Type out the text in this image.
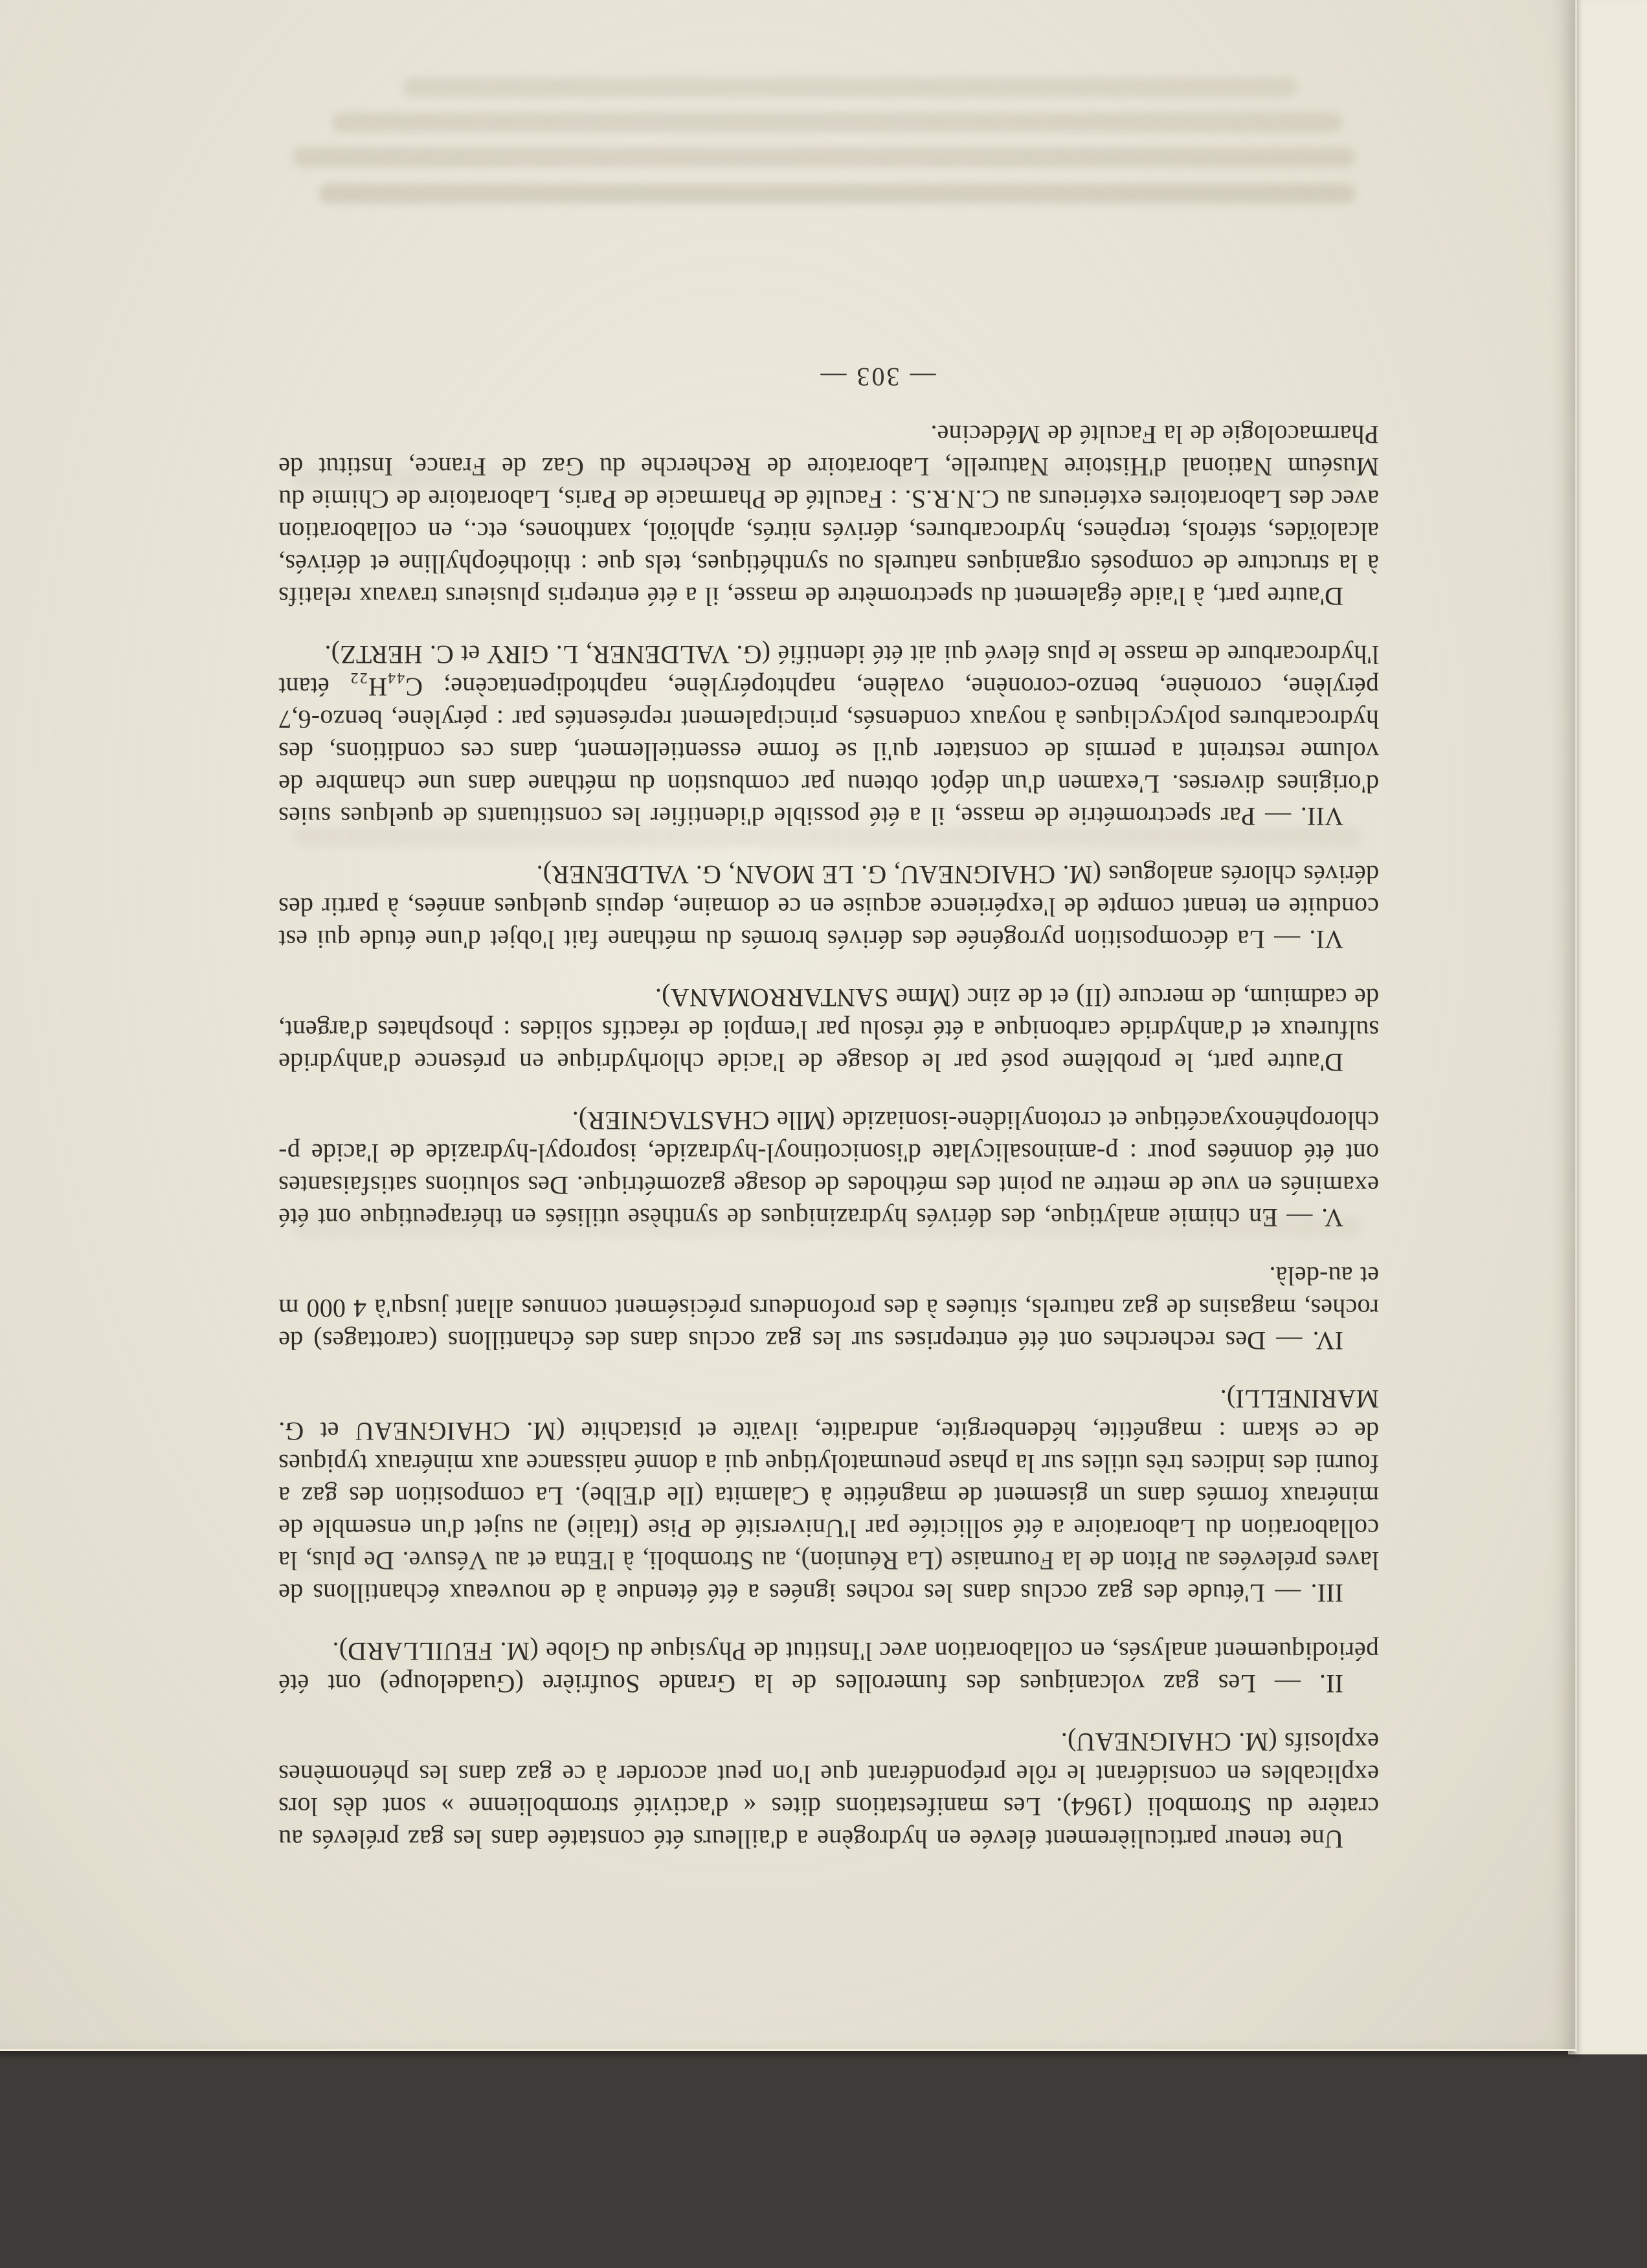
Une teneur particulièrement élevée en hydrogène a d'ailleurs été constatée dans les gaz prélevés au cratère du Stromboli (1964). Les manifestations dites « d'activité strombolienne » sont dès lors explicables en considérant le rôle prépondérant que l'on peut accorder à ce gaz dans les phénomènes explosifs (M. CHAIGNEAU).

II. — Les gaz volcaniques des fumerolles de la Grande Soufrière (Guadeloupe) ont été périodiquement analysés, en collaboration avec l'Institut de Physique du Globe (M. FEUILLARD).

III. — L'étude des gaz occlus dans les roches ignées a été étendue à de nouveaux échantillons de laves prélevées au Piton de la Fournaise (La Réunion), au Stromboli, à l'Etna et au Vésuve. De plus, la collaboration du Laboratoire a été sollicitée par l'Université de Pise (Italie) au sujet d'un ensemble de minéraux formés dans un gisement de magnétite à Calamita (Ile d'Elbe). La composition des gaz a fourni des indices très utiles sur la phase pneumatolytique qui a donné naissance aux minéraux typiques de ce skarn : magnétite, hédenbergite, andradite, ilvaïte et pistachite (M. CHAIGNEAU et G. MARINELLI).

IV. — Des recherches ont été entreprises sur les gaz occlus dans des échantillons (carottages) de roches, magasins de gaz naturels, situées à des profondeurs précisément connues allant jusqu'à 4 000 m et au-delà.

V. — En chimie analytique, des dérivés hydraziniques de synthèse utilisés en thérapeutique ont été examinés en vue de mettre au point des méthodes de dosage gazométrique. Des solutions satisfaisantes ont été données pour : p-aminosalicylate d'isonicotinoyl-hydrazide, isopropyl-hydrazide de l'acide p-chlorophénoxyacétique et crotonylidène-isoniazide (Mlle CHASTAGNIER).

D'autre part, le problème posé par le dosage de l'acide chlorhydrique en présence d'anhydride sulfureux et d'anhydride carbonique a été résolu par l'emploi de réactifs solides : phosphates d'argent, de cadmium, de mercure (II) et de zinc (Mme SANTARROMANA).

VI. — La décomposition pyrogénée des dérivés bromés du méthane fait l'objet d'une étude qui est conduite en tenant compte de l'expérience acquise en ce domaine, depuis quelques années, à partir des dérivés chlorés analogues (M. CHAIGNEAU, G. LE MOAN, G. VALDENER).

VII. — Par spectrométrie de masse, il a été possible d'identifier les constituants de quelques suies d'origines diverses. L'examen d'un dépôt obtenu par combustion du méthane dans une chambre de volume restreint a permis de constater qu'il se forme essentiellement, dans ces conditions, des hydrocarbures polycycliques à noyaux condensés, principalement représentés par : pérylène, benzo-6,7 pérylène, coronène, benzo-coronène, ovalène, naphtopérylène, naphtodipentacène; C₄₄H₂₂ étant l'hydrocarbure de masse le plus élevé qui ait été identifié (G. VALDENER, L. GIRY et C. HERTZ).

D'autre part, à l'aide également du spectromètre de masse, il a été entrepris plusieurs travaux relatifs à la structure de composés organiques naturels ou synthétiques, tels que : thiothéophylline et dérivés, alcaloïdes, stérols, terpènes, hydrocarbures, dérivés nitrés, aphloïol, xanthones, etc., en collaboration avec des Laboratoires extérieurs au C.N.R.S. : Faculté de Pharmacie de Paris, Laboratoire de Chimie du Muséum National d'Histoire Naturelle, Laboratoire de Recherche du Gaz de France, Institut de Pharmacologie de la Faculté de Médecine.

— 303 —
